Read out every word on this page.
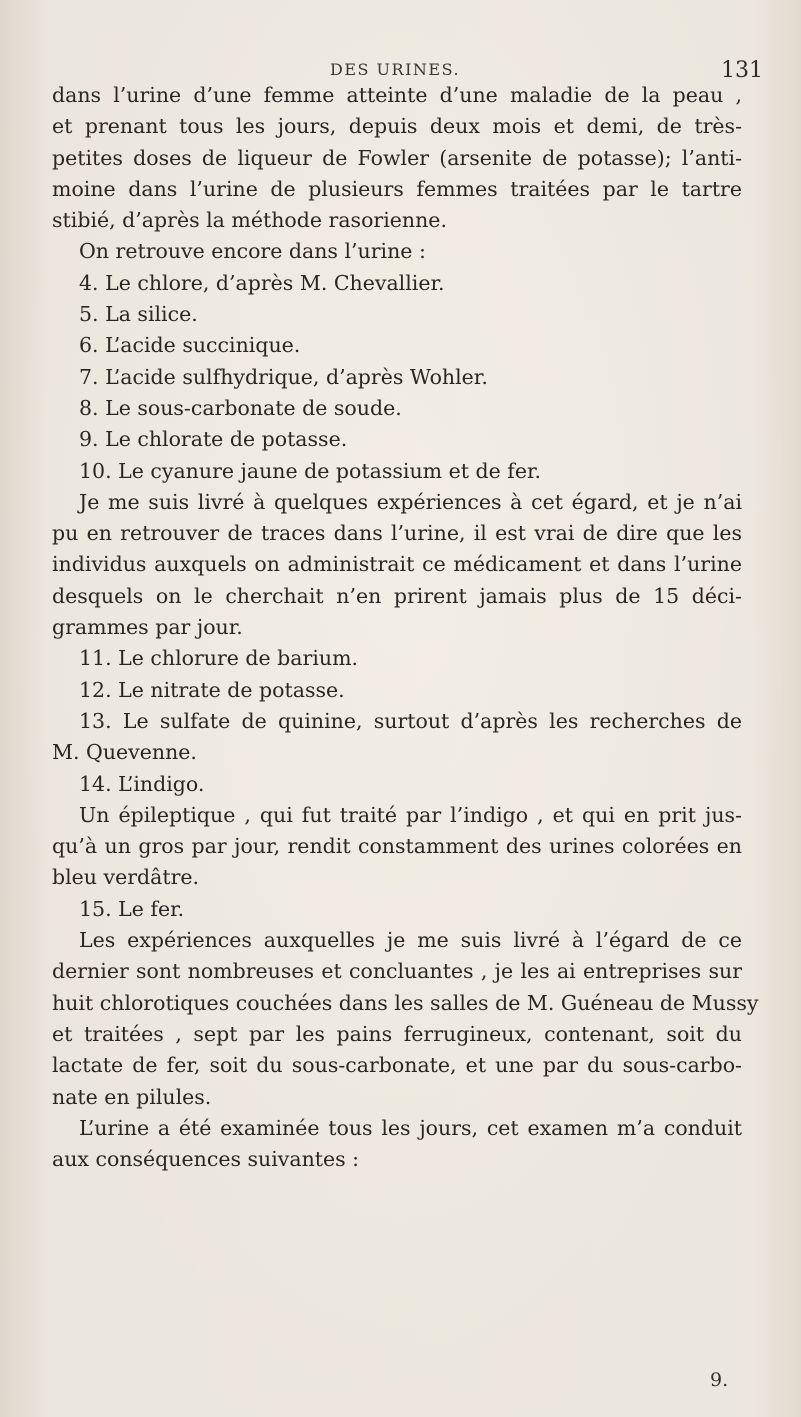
DES URINES.	131
dans l’urine d’une femme atteinte d’une maladie de la peau ,
et prenant tous les jours, depuis deux mois et demi, de très-
petites doses de liqueur de Fowler (arsenite de potasse); l’anti-
moine dans l’urine de plusieurs femmes traitées par le tartre
stibié, d’après la méthode rasorienne.
On retrouve encore dans l’urine :
4. Le chlore, d’après M. Chevallier.
5. La silice.
6. L’acide succinique.
7. L’acide sulfhydrique, d’après Wohler.
8. Le sous-carbonate de soude.
9. Le chlorate de potasse.
10. Le cyanure jaune de potassium et de fer.
Je me suis livré à quelques expériences à cet égard, et je n’ai
pu en retrouver de traces dans l’urine, il est vrai de dire que les
individus auxquels on administrait ce médicament et dans l’urine
desquels on le cherchait n’en prirent jamais plus de 15 déci-
grammes par jour.
11. Le chlorure de barium.
12. Le nitrate de potasse.
13. Le sulfate de quinine, surtout d’après les recherches de
M. Quevenne.
14. L’indigo.
Un épileptique , qui fut traité par l’indigo , et qui en prit jus-
qu’à un gros par jour, rendit constamment des urines colorées en
bleu verdâtre.
15. Le fer.
Les expériences auxquelles je me suis livré à l’égard de ce
dernier sont nombreuses et concluantes , je les ai entreprises sur
huit chlorotiques couchées dans les salles de M. Guéneau de Mussy
et traitées , sept par les pains ferrugineux, contenant, soit du
lactate de fer, soit du sous-carbonate, et une par du sous-carbo-
nate en pilules.
L’urine a été examinée tous les jours, cet examen m’a conduit
aux conséquences suivantes :
9.
